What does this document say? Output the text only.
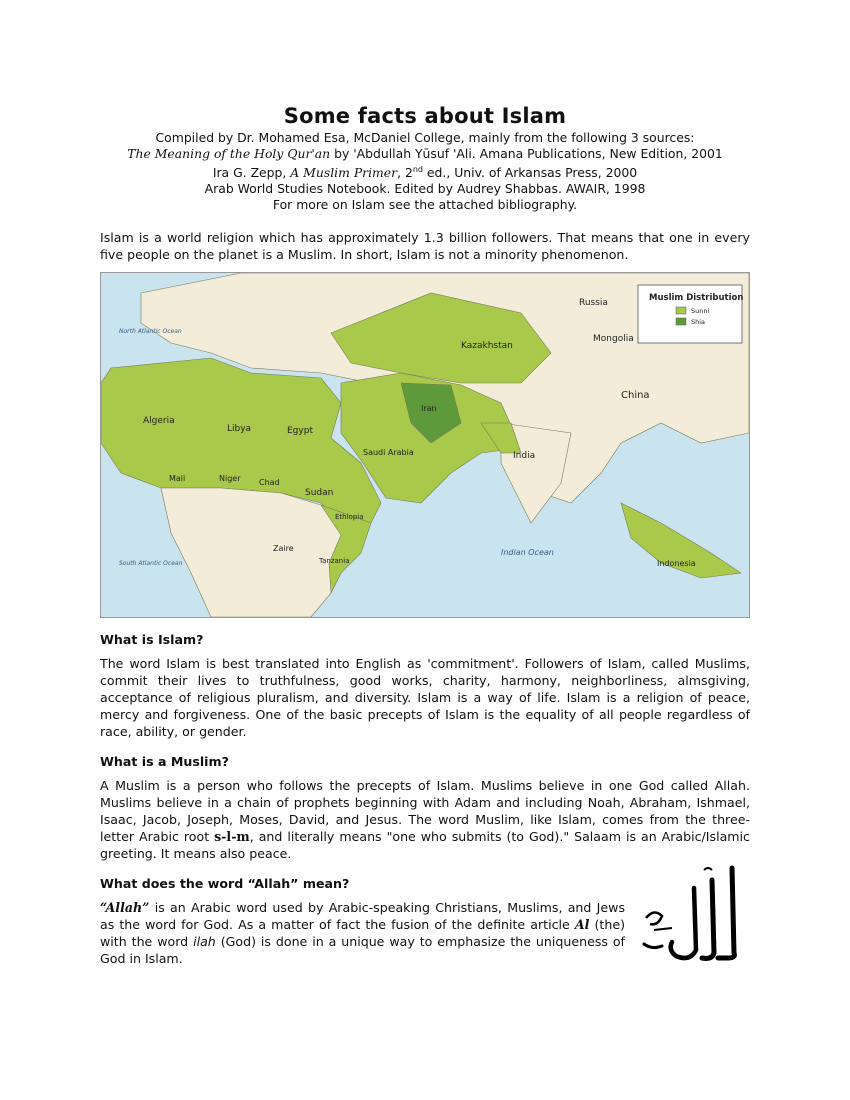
Some facts about Islam
Compiled by Dr. Mohamed Esa, McDaniel College, mainly from the following 3 sources:
The Meaning of the Holy Qur'an by 'Abdullah Yūsuf 'Ali. Amana Publications, New Edition, 2001
Ira G. Zepp, A Muslim Primer, 2nd ed., Univ. of Arkansas Press, 2000
Arab World Studies Notebook. Edited by Audrey Shabbas. AWAIR, 1998
For more on Islam see the attached bibliography.
Islam is a world religion which has approximately 1.3 billion followers. That means that one in every five people on the planet is a Muslim. In short, Islam is not a minority phenomenon.
Muslim Distribution
Sunni
Shia
Russia
Kazakhstan
Mongolia
China
India
Iran
Algeria
Libya	Egypt
Saudi Arabia
Mali	Niger Chad
Sudan
Ethiopia
Zaire
Tanzania	Indonesia
Indian Ocean
North Atlantic Ocean
South Atlantic Ocean
What is Islam?

The word Islam is best translated into English as 'commitment'. Followers of Islam, called Muslims, commit their lives to truthfulness, good works, charity, harmony, neighborliness, almsgiving, acceptance of religious pluralism, and diversity. Islam is a way of life. Islam is a religion of peace, mercy and forgiveness. One of the basic precepts of Islam is the equality of all people regardless of race, ability, or gender.

What is a Muslim?

A Muslim is a person who follows the precepts of Islam. Muslims believe in one God called Allah. Muslims believe in a chain of prophets beginning with Adam and including Noah, Abraham, Ishmael, Isaac, Jacob, Joseph, Moses, David, and Jesus. The word Muslim, like Islam, comes from the three-letter Arabic root s-l-m, and literally means "one who submits (to God)." Salaam is an Arabic/Islamic greeting. It means also peace.

What does the word “Allah” mean?

“Allah” is an Arabic word used by Arabic-speaking Christians, Muslims, and Jews as the word for God. As a matter of fact the fusion of the definite article Al (the) with the word ilah (God) is done in a unique way to emphasize the uniqueness of God in Islam.
